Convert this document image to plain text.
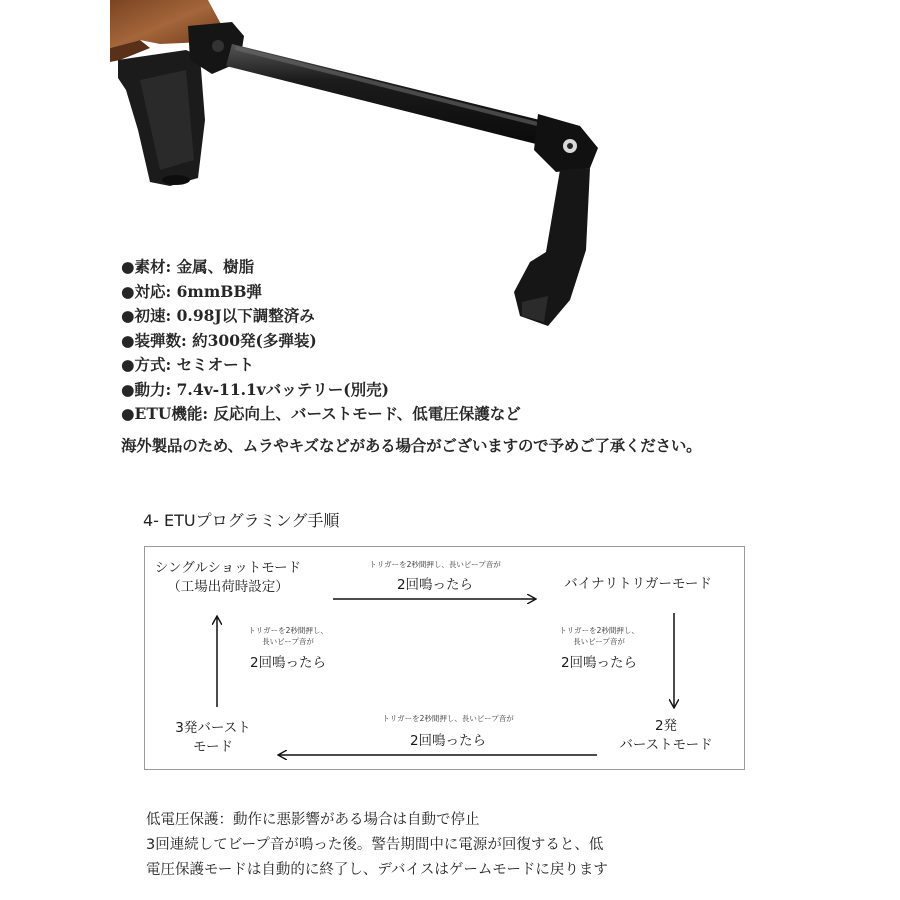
●素材: 金属、樹脂
●対応: 6mmBB弾
●初速: 0.98J以下調整済み
●装弾数: 約300発(多弾装)
●方式: セミオート
●動力: 7.4v-11.1vバッテリー(別売)
●ETU機能: 反応向上、バーストモード、低電圧保護など
海外製品のため、ムラやキズなどがある場合がございますので予めご了承ください。
4- ETUプログラミング手順
シングルショットモード
（工場出荷時設定）	バイナリトリガーモード
2発
バーストモード
3発バースト
モード
トリガーを2秒間押し、長いビープ音が
2回鳴ったら
トリガーを2秒間押し、
長いビープ音が
2回鳴ったら
トリガーを2秒間押し、長いビープ音が
2回鳴ったら
トリガーを2秒間押し、
長いビープ音が
2回鳴ったら
低電圧保護：動作に悪影響がある場合は自動で停止
3回連続してビープ音が鳴った後。警告期間中に電源が回復すると、低
電圧保護モードは自動的に終了し、デバイスはゲームモードに戻ります
